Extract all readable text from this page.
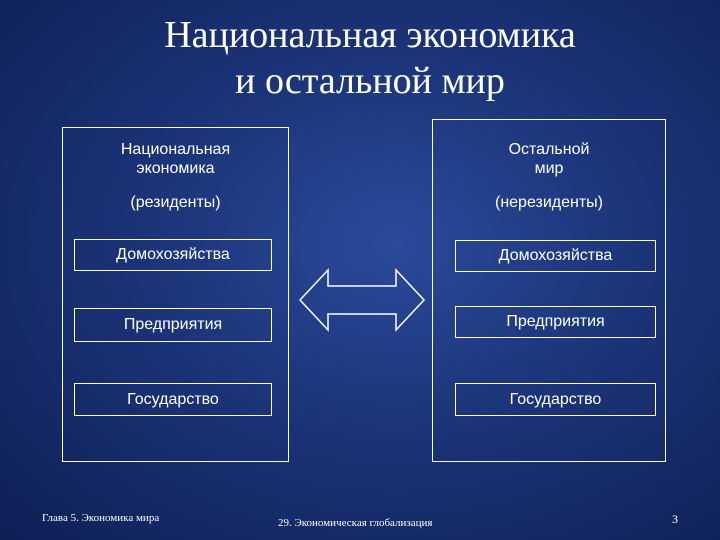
Национальная экономика
и остальной мир
Национальная
экономика
(резиденты)
Домохозяйства
Предприятия
Государство
Остальной
мир
(нерезиденты)
Домохозяйства
Предприятия
Государство
Глава 5. Экономика мира	29. Экономическая глобализация	3
